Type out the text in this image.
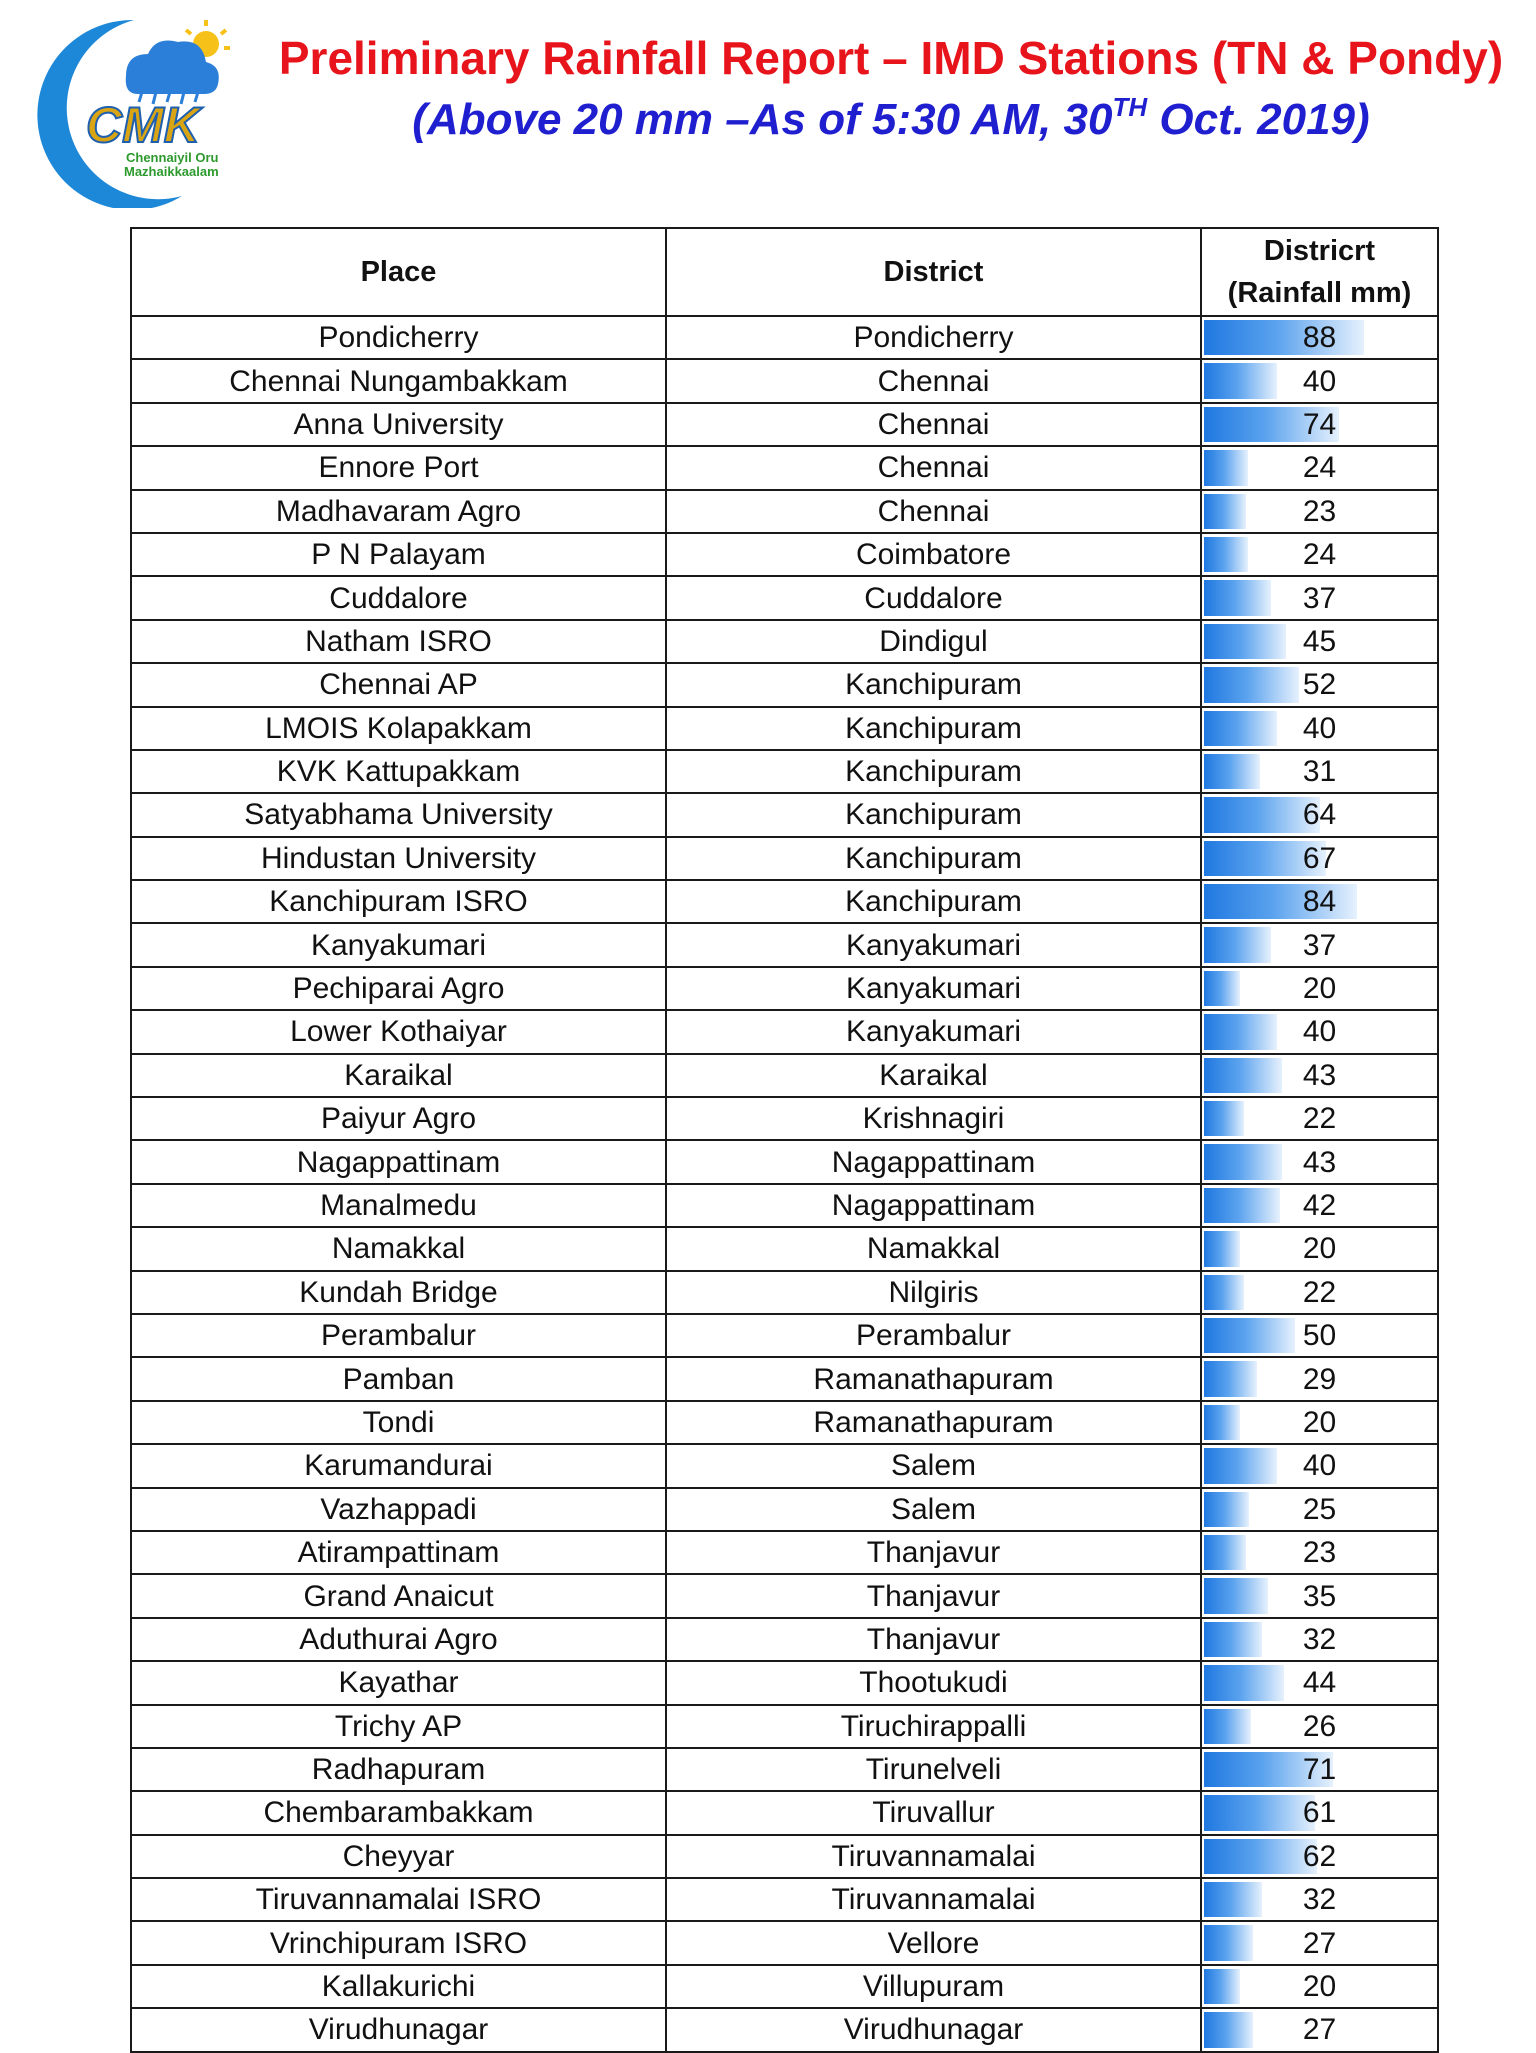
CMK
Chennaiyil Oru
Mazhaikkaalam
Preliminary Rainfall Report – IMD Stations (TN & Pondy)
(Above 20 mm –As of 5:30 AM, 30TH Oct. 2019)
Place	District	Districrt
(Rainfall mm)

Pondicherry	Pondicherry	88
Chennai Nungambakkam	Chennai	40
Anna University	Chennai	74
Ennore Port	Chennai	24
Madhavaram Agro	Chennai	23
P N Palayam	Coimbatore	24
Cuddalore	Cuddalore	37
Natham ISRO	Dindigul	45
Chennai AP	Kanchipuram	52
LMOIS Kolapakkam	Kanchipuram	40
KVK Kattupakkam	Kanchipuram	31
Satyabhama University	Kanchipuram	64
Hindustan University	Kanchipuram	67
Kanchipuram ISRO	Kanchipuram	84
Kanyakumari	Kanyakumari	37
Pechiparai Agro	Kanyakumari	20
Lower Kothaiyar	Kanyakumari	40
Karaikal	Karaikal	43
Paiyur Agro	Krishnagiri	22
Nagappattinam	Nagappattinam	43
Manalmedu	Nagappattinam	42
Namakkal	Namakkal	20
Kundah Bridge	Nilgiris	22
Perambalur	Perambalur	50
Pamban	Ramanathapuram	29
Tondi	Ramanathapuram	20
Karumandurai	Salem	40
Vazhappadi	Salem	25
Atirampattinam	Thanjavur	23
Grand Anaicut	Thanjavur	35
Aduthurai Agro	Thanjavur	32
Kayathar	Thootukudi	44
Trichy AP	Tiruchirappalli	26
Radhapuram	Tirunelveli	71
Chembarambakkam	Tiruvallur	61
Cheyyar	Tiruvannamalai	62
Tiruvannamalai ISRO	Tiruvannamalai	32
Vrinchipuram ISRO	Vellore	27
Kallakurichi	Villupuram	20
Virudhunagar	Virudhunagar	27
